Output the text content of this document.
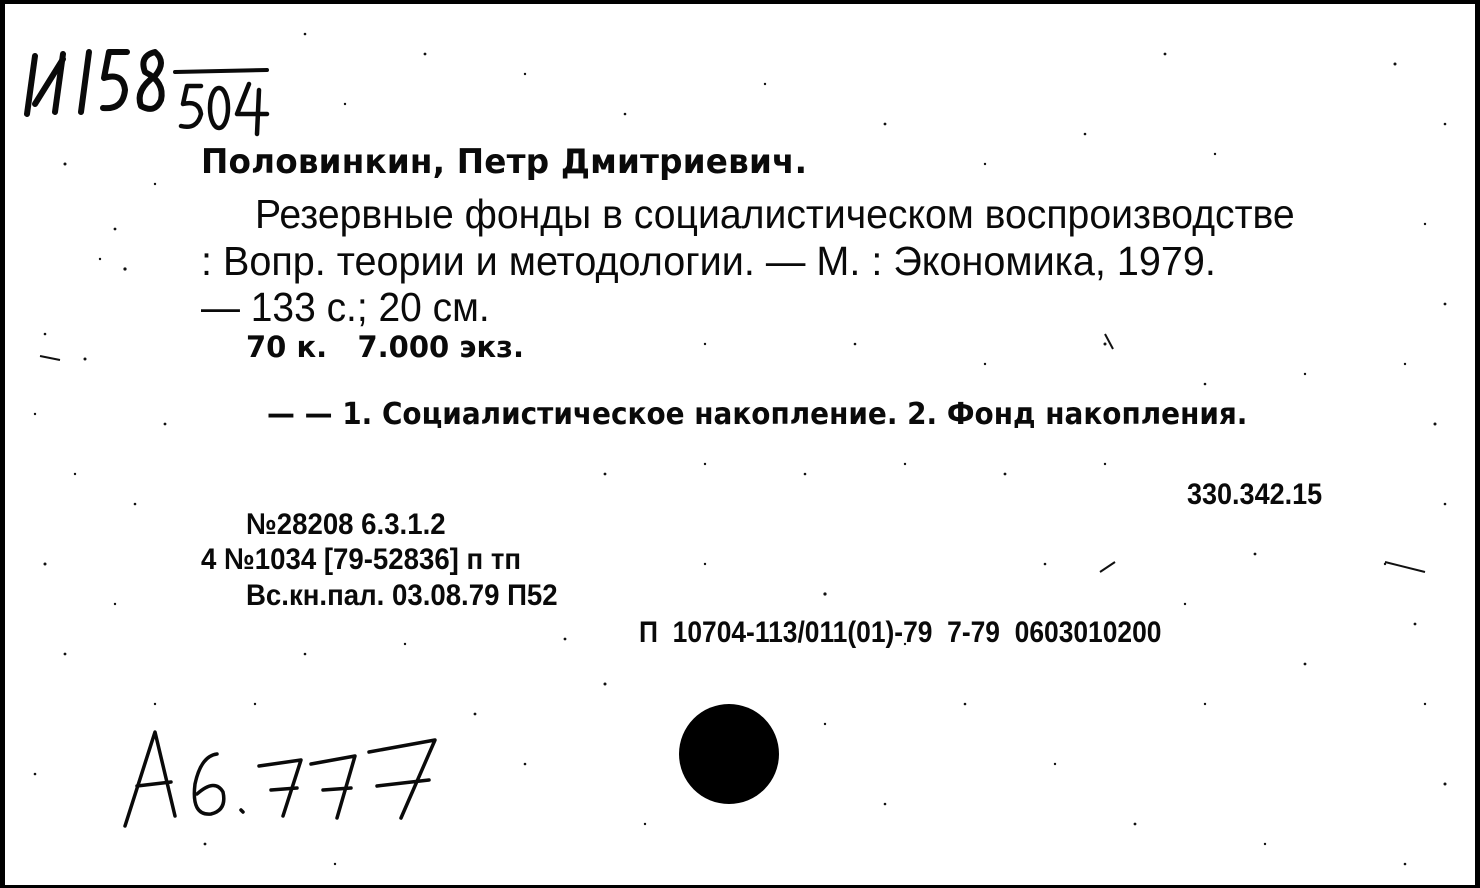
Половинкин, Петр Дмитриевич.
Резервные фонды в социалистическом воспроизводстве
: Вопр. теории и методологии. — М. : Экономика, 1979.
— 133 с.; 20 см.
70 к.   7.000 экз.
— — 1. Социалистическое накопление. 2. Фонд накопления.
330.342.15
№28208 6.3.1.2
4 №1034 [79-52836] п тп
Вс.кн.пал. 03.08.79 П52
П  10704-113/011(01)-79  7-79  0603010200
